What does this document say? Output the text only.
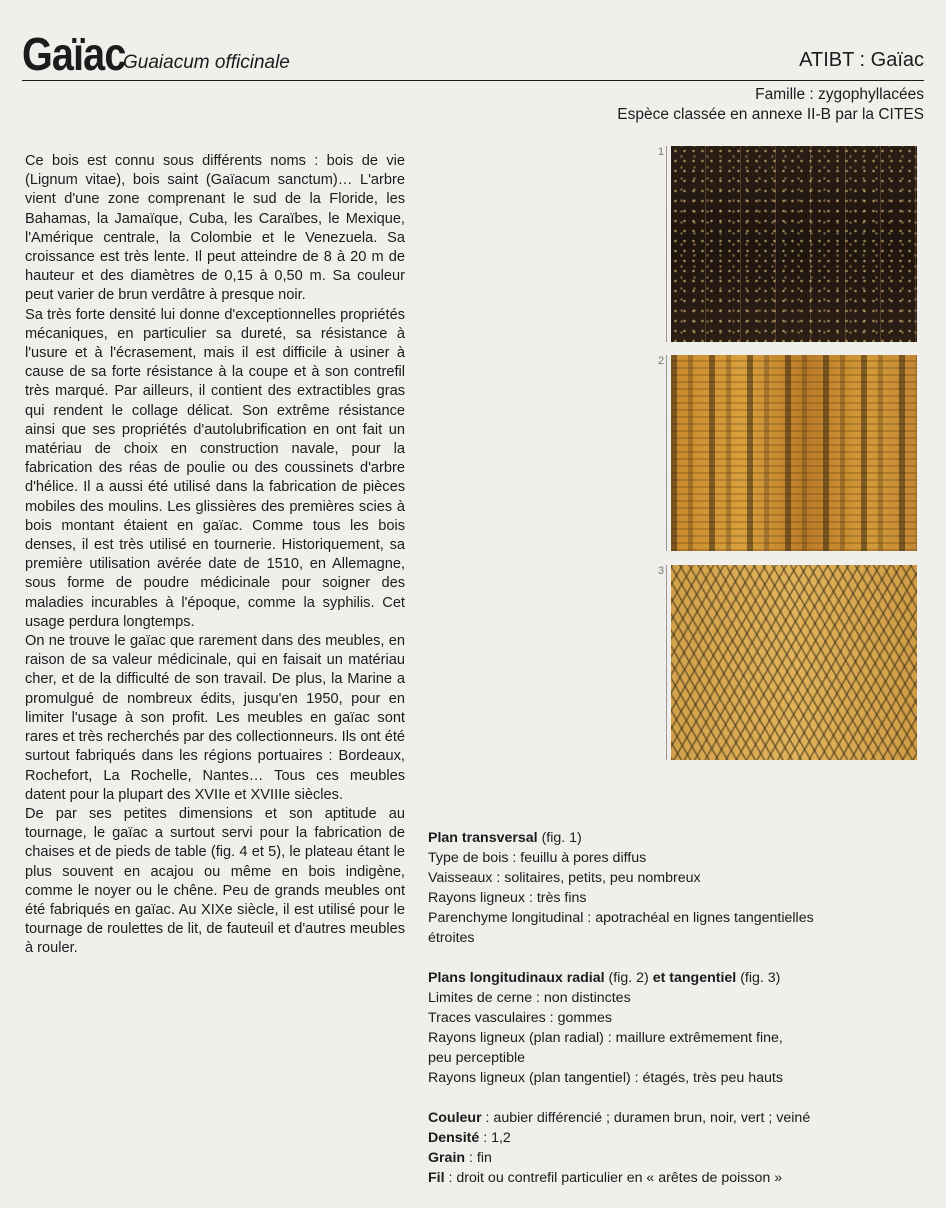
Gaïac
Guaiacum officinale	ATIBT : Gaïac
Famille : zygophyllacées
Espèce classée en annexe II-B par la CITES

Ce bois est connu sous différents noms : bois de vie (Lignum vitae), bois saint (Gaïacum sanctum)… L'arbre vient d'une zone comprenant le sud de la Floride, les Bahamas, la Jamaïque, Cuba, les Caraïbes, le Mexique, l'Amérique centrale, la Colombie et le Venezuela. Sa croissance est très lente. Il peut atteindre de 8 à 20 m de hauteur et des diamètres de 0,15 à 0,50 m. Sa couleur peut varier de brun verdâtre à presque noir.

Sa très forte densité lui donne d'exceptionnelles propriétés mécaniques, en particulier sa dureté, sa résistance à l'usure et à l'écrasement, mais il est difficile à usiner à cause de sa forte résistance à la coupe et à son contrefil très marqué. Par ailleurs, il contient des extractibles gras qui rendent le collage délicat. Son extrême résistance ainsi que ses propriétés d'autolubrification en ont fait un matériau de choix en construction navale, pour la fabrication des réas de poulie ou des coussinets d'arbre d'hélice. Il a aussi été utilisé dans la fabrication de pièces mobiles des moulins. Les glissières des premières scies à bois montant étaient en gaïac. Comme tous les bois denses, il est très utilisé en tournerie. Historiquement, sa première utilisation avérée date de 1510, en Allemagne, sous forme de poudre médicinale pour soigner des maladies incurables à l'époque, comme la syphilis. Cet usage perdura longtemps.

On ne trouve le gaïac que rarement dans des meubles, en raison de sa valeur médicinale, qui en faisait un matériau cher, et de la difficulté de son travail. De plus, la Marine a promulgué de nombreux édits, jusqu'en 1950, pour en limiter l'usage à son profit. Les meubles en gaïac sont rares et très recherchés par des collectionneurs. Ils ont été surtout fabriqués dans les régions portuaires : Bordeaux, Rochefort, La Rochelle, Nantes… Tous ces meubles datent pour la plupart des XVIIe et XVIIIe siècles.

De par ses petites dimensions et son aptitude au tournage, le gaïac a surtout servi pour la fabrication de chaises et de pieds de table (fig. 4 et 5), le plateau étant le plus souvent en acajou ou même en bois indigène, comme le noyer ou le chêne. Peu de grands meubles ont été fabriqués en gaïac. Au XIXe siècle, il est utilisé pour le tournage de roulettes de lit, de fauteuil et d'autres meubles à rouler.

1
2
3
Plan transversal (fig. 1)
Type de bois : feuillu à pores diffus
Vaisseaux : solitaires, petits, peu nombreux
Rayons ligneux : très fins
Parenchyme longitudinal : apotrachéal en lignes tangentielles
étroites
Plans longitudinaux radial (fig. 2) et tangentiel (fig. 3)
Limites de cerne : non distinctes
Traces vasculaires : gommes
Rayons ligneux (plan radial) : maillure extrêmement fine,
peu perceptible
Rayons ligneux (plan tangentiel) : étagés, très peu hauts
Couleur : aubier différencié ; duramen brun, noir, vert ; veiné
Densité : 1,2
Grain : fin
Fil : droit ou contrefil particulier en « arêtes de poisson »
